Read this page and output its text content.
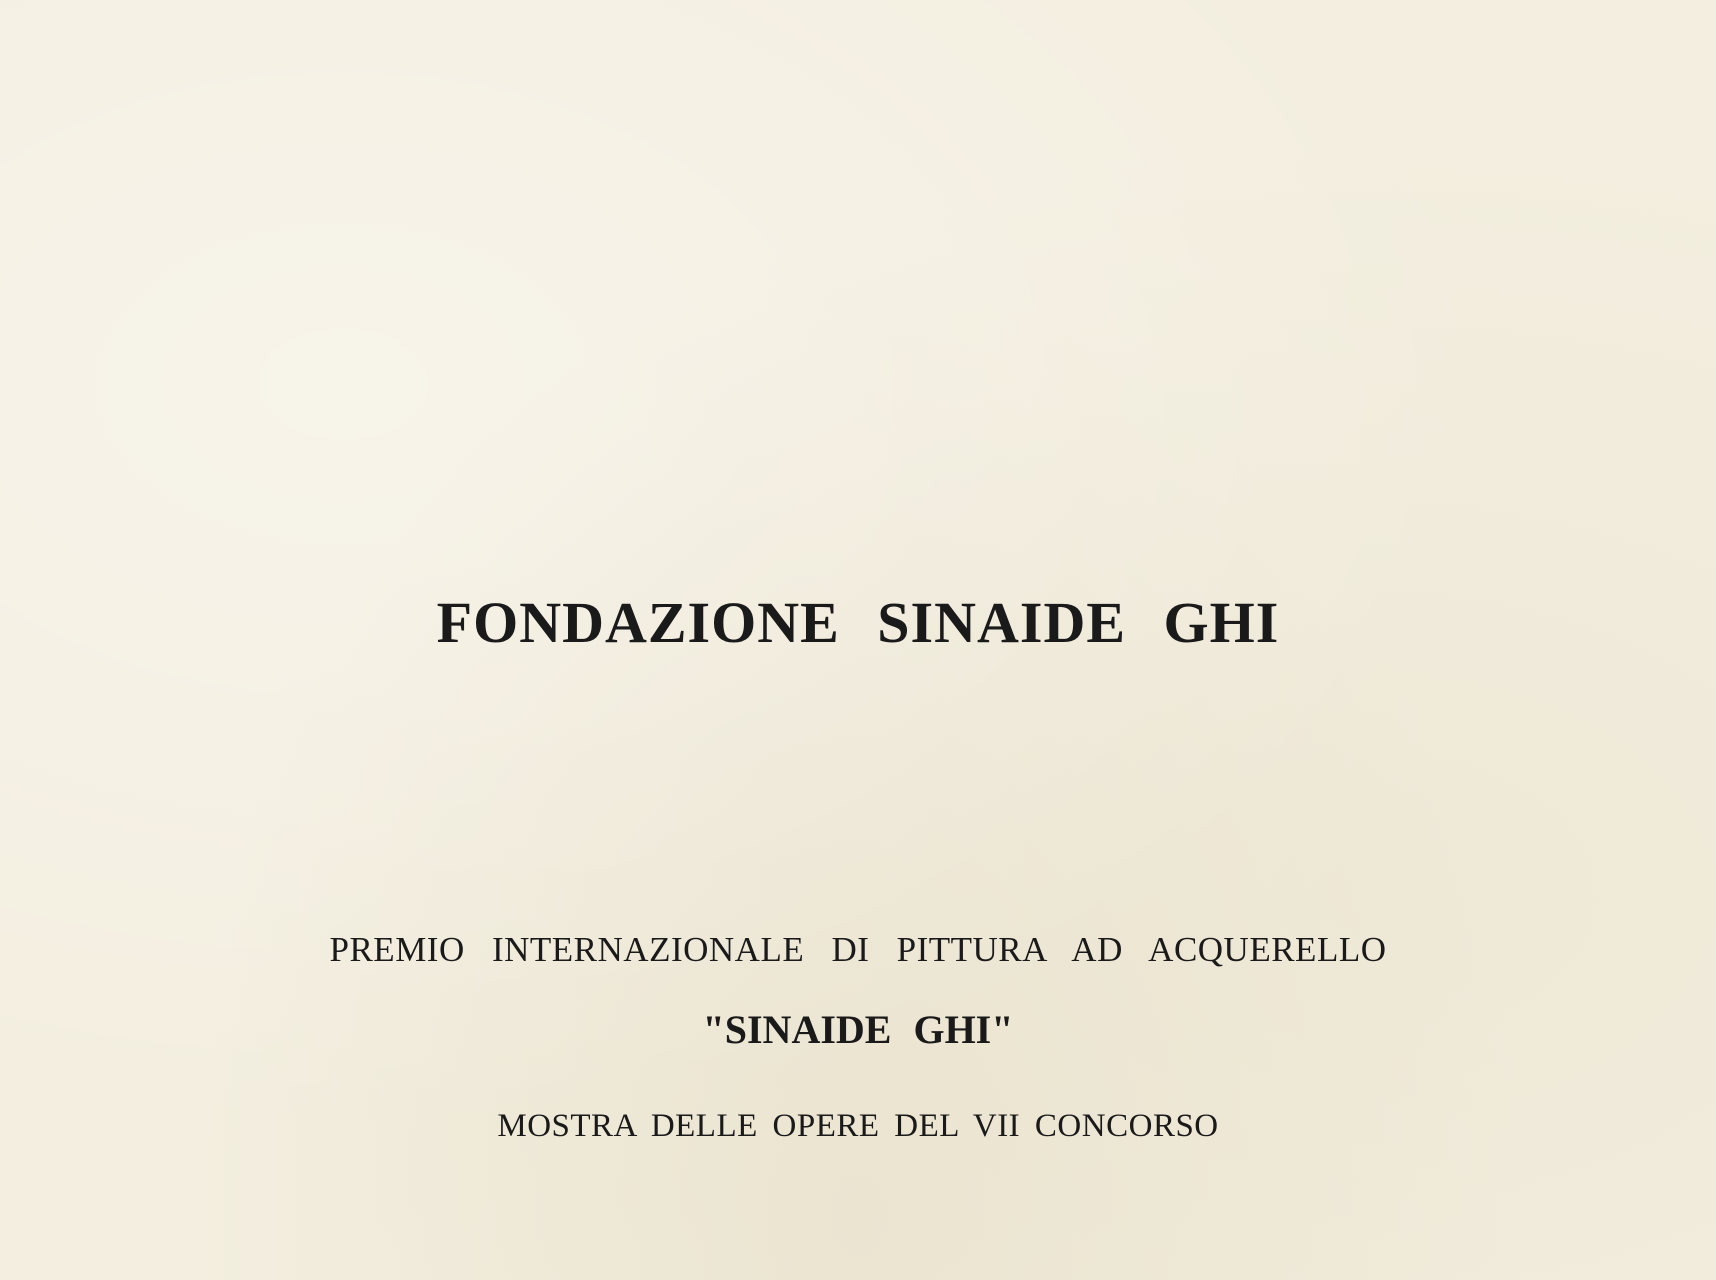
FONDAZIONE SINAIDE GHI

PREMIO INTERNAZIONALE DI PITTURA AD ACQUERELLO

"SINAIDE GHI"

MOSTRA DELLE OPERE DEL VII CONCORSO
